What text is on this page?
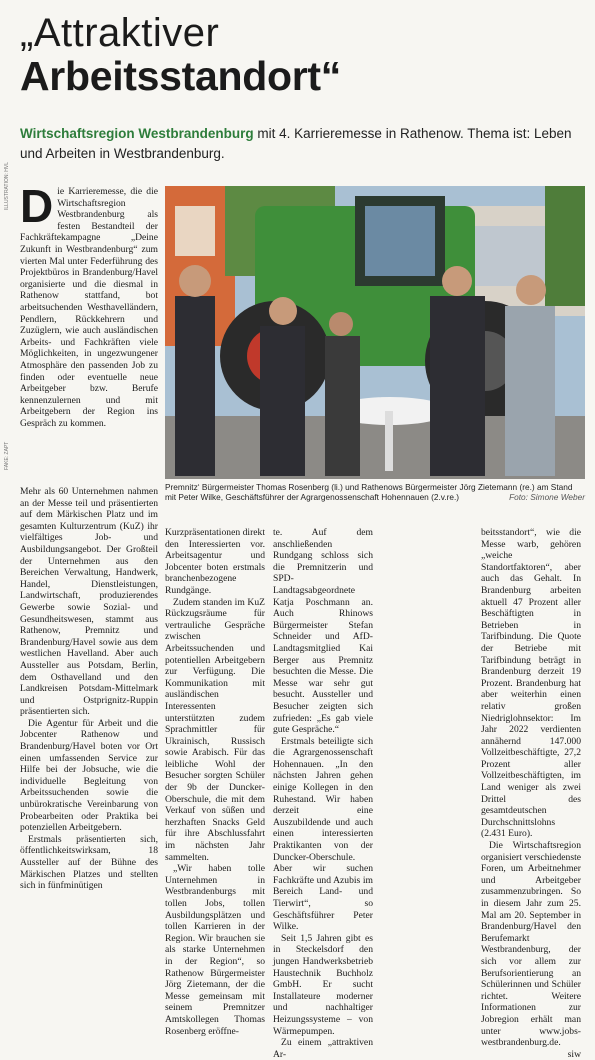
„Attraktiver
Arbeitsstandort“
Wirtschaftsregion Westbrandenburg mit 4. Karrieremesse in Rathenow. Thema ist: Leben und Arbeiten in Westbrandenburg.
ILLUSTRATION: HVL
FAKE: ZAPT
D ie Karrieremesse, die die Wirtschaftsregion Westbrandenburg als festen Bestandteil der Fachkräftekampagne „Deine Zukunft in Westbrandenburg“ zum vierten Mal unter Federführung des Projektbüros in Brandenburg/Havel organisierte und die diesmal in Rathenow stattfand, bot arbeitsuchenden Westhavelländern, Pendlern, Rückkehrern und Zuzüglern, wie auch ausländischen Arbeits- und Fachkräften viele Möglichkeiten, in ungezwungener Atmosphäre den passenden Job zu finden oder eventuelle neue Arbeitgeber bzw. Berufe kennenzulernen und mit Arbeitgebern der Region ins Gespräch zu kommen.

Mehr als 60 Unternehmen nahmen an der Messe teil und präsentierten auf dem Märkischen Platz und im gesamten Kulturzentrum (KuZ) ihr vielfältiges Job- und Ausbildungsangebot. Der Großteil der Unternehmen aus den Bereichen Verwaltung, Handwerk, Handel, Dienstleistungen, Landwirtschaft, produzierendes Gewerbe sowie Sozial- und Gesundheitswesen, stammt aus Rathenow, Premnitz und Brandenburg/Havel sowie aus dem westlichen Havelland. Aber auch Aussteller aus Potsdam, Berlin, dem Osthavelland und den Landkreisen Potsdam-Mittelmark und Ostprignitz-Ruppin präsentierten sich.

Die Agentur für Arbeit und die Jobcenter Rathenow und Brandenburg/Havel boten vor Ort einen umfassenden Service zur Hilfe bei der Jobsuche, wie die individuelle Begleitung von Arbeitssuchenden sowie die unbürokratische Vereinbarung von Probearbeiten oder Praktika bei potenziellen Arbeitgebern.

Erstmals präsentierten sich, öffentlichkeitswirksam, 18 Aussteller auf der Bühne des Märkischen Platzes und stellten sich in fünfminütigen

Premnitz‘ Bürgermeister Thomas Rosenberg (li.) und Rathenows Bürgermeister Jörg Zietemann (re.) am Stand mit Peter Wilke, Geschäftsführer der Agrargenossenschaft Hohennauen (2.v.re.)	Foto: Simone Weber

Kurzpräsentationen direkt den Interessierten vor. Arbeitsagentur und Jobcenter boten erstmals branchenbezogene Rundgänge.

Zudem standen im KuZ Rückzugsräume für vertrauliche Gespräche zwischen Arbeitssuchenden und potentiellen Arbeitgebern zur Verfügung. Die Kommunikation mit ausländischen Interessenten unterstützten zudem Sprachmittler für Ukrainisch, Russisch sowie Arabisch. Für das leibliche Wohl der Besucher sorgten Schüler der 9b der Duncker-Oberschule, die mit dem Verkauf von süßen und herzhaften Snacks Geld für ihre Abschlussfahrt im nächsten Jahr sammelten.

„Wir haben tolle Unternehmen in Westbrandenburgs mit tollen Jobs, tollen Ausbildungsplätzen und tollen Karrieren in der Region. Wir brauchen sie als starke Unternehmen in der Region“, so Rathenow Bürgermeister Jörg Zietemann, der die Messe gemeinsam mit seinem Premnitzer Amtskollegen Thomas Rosenberg eröffne-

te. Auf dem anschließenden Rundgang schloss sich die Premnitzerin und SPD-Landtagsabgeordnete Katja Poschmann an. Auch Rhinows Bürgermeister Stefan Schneider und AfD-Landtagsmitglied Kai Berger aus Premnitz besuchten die Messe. Die Messe war sehr gut besucht. Aussteller und Besucher zeigten sich zufrieden: „Es gab viele gute Gespräche.“

Erstmals beteiligte sich die Agrargenossenschaft Hohennauen. „In den nächsten Jahren gehen einige Kollegen in den Ruhestand. Wir haben derzeit eine Auszubildende und auch einen interessierten Praktikanten von der Duncker-Oberschule. Aber wir suchen Fachkräfte und Azubis im Bereich Land- und Tierwirt“, so Geschäftsführer Peter Wilke.

Seit 1,5 Jahren gibt es in Steckelsdorf den jungen Handwerksbetrieb Haustechnik Buchholz GmbH. Er sucht Installateure moderner und nachhaltiger Heizungssysteme – von Wärmepumpen.

Zu einem „attraktiven Ar-

beitsstandort“, wie die Messe warb, gehören „weiche Standortfaktoren“, aber auch das Gehalt. In Brandenburg arbeiten aktuell 47 Prozent aller Beschäftigten in Betrieben in Tarifbindung. Die Quote der Betriebe mit Tarifbindung beträgt in Brandenburg derzeit 19 Prozent. Brandenburg hat aber weiterhin einen relativ großen Niedriglohnsektor: Im Jahr 2022 verdienten annähernd 147.000 Vollzeitbeschäftigte, 27,2 Prozent aller Vollzeitbeschäftigten, im Land weniger als zwei Drittel des gesamtdeutschen Durchschnittslohns (2.431 Euro).

Die Wirtschaftsregion organisiert verschiedenste Foren, um Arbeitnehmer und Arbeitgeber zusammenzubringen. So in diesem Jahr zum 25. Mal am 20. September in Brandenburg/Havel den Berufemarkt Westbrandenburg, der sich vor allem zur Berufsorientierung an Schülerinnen und Schüler richtet. Weitere Informationen zur Jobregion erhält man unter www.jobs-westbrandenburg.de.

siw
